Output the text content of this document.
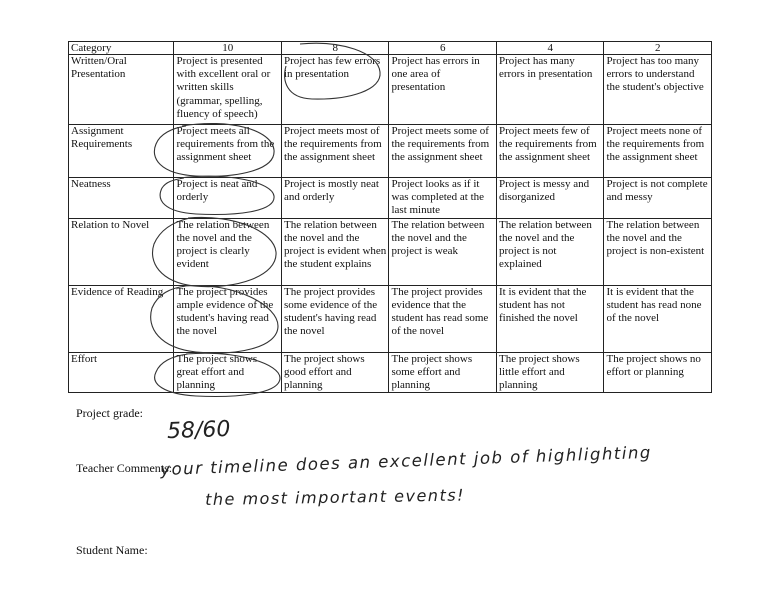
Category	10	8	6	4	2
Written/Oral Presentation	Project is presented with excellent oral or written skills (grammar, spelling, fluency of speech)	Project has few errors in presentation	Project has errors in one area of presentation	Project has many errors in presentation	Project has too many errors to understand the student's objective
Assignment Requirements	Project meets all requirements from the assignment sheet	Project meets most of the requirements from the assignment sheet	Project meets some of the requirements from the assignment sheet	Project meets few of the requirements from the assignment sheet	Project meets none of the requirements from the assignment sheet
Neatness	Project is neat and orderly	Project is mostly neat and orderly	Project looks as if it was completed at the last minute	Project is messy and disorganized	Project is not complete and messy
Relation to Novel	The relation between the novel and the project is clearly evident	The relation between the novel and the project is evident when the student explains	The relation between the novel and the project is weak	The relation between the novel and the project is not explained	The relation between the novel and the project is non-existent
Evidence of Reading	The project provides ample evidence of the student's having read the novel	The project provides some evidence of the student's having read the novel	The project provides evidence that the student has read some of the novel	It is evident that the student has not finished the novel	It is evident that the student has read none of the novel
Effort	The project shows great effort and planning	The project shows good effort and planning	The project shows some effort and planning	The project shows little effort and planning	The project shows no effort or planning
Project grade:
58/60
Teacher Comments:
your timeline does an excellent job of highlighting
the most important events!
Student Name:
